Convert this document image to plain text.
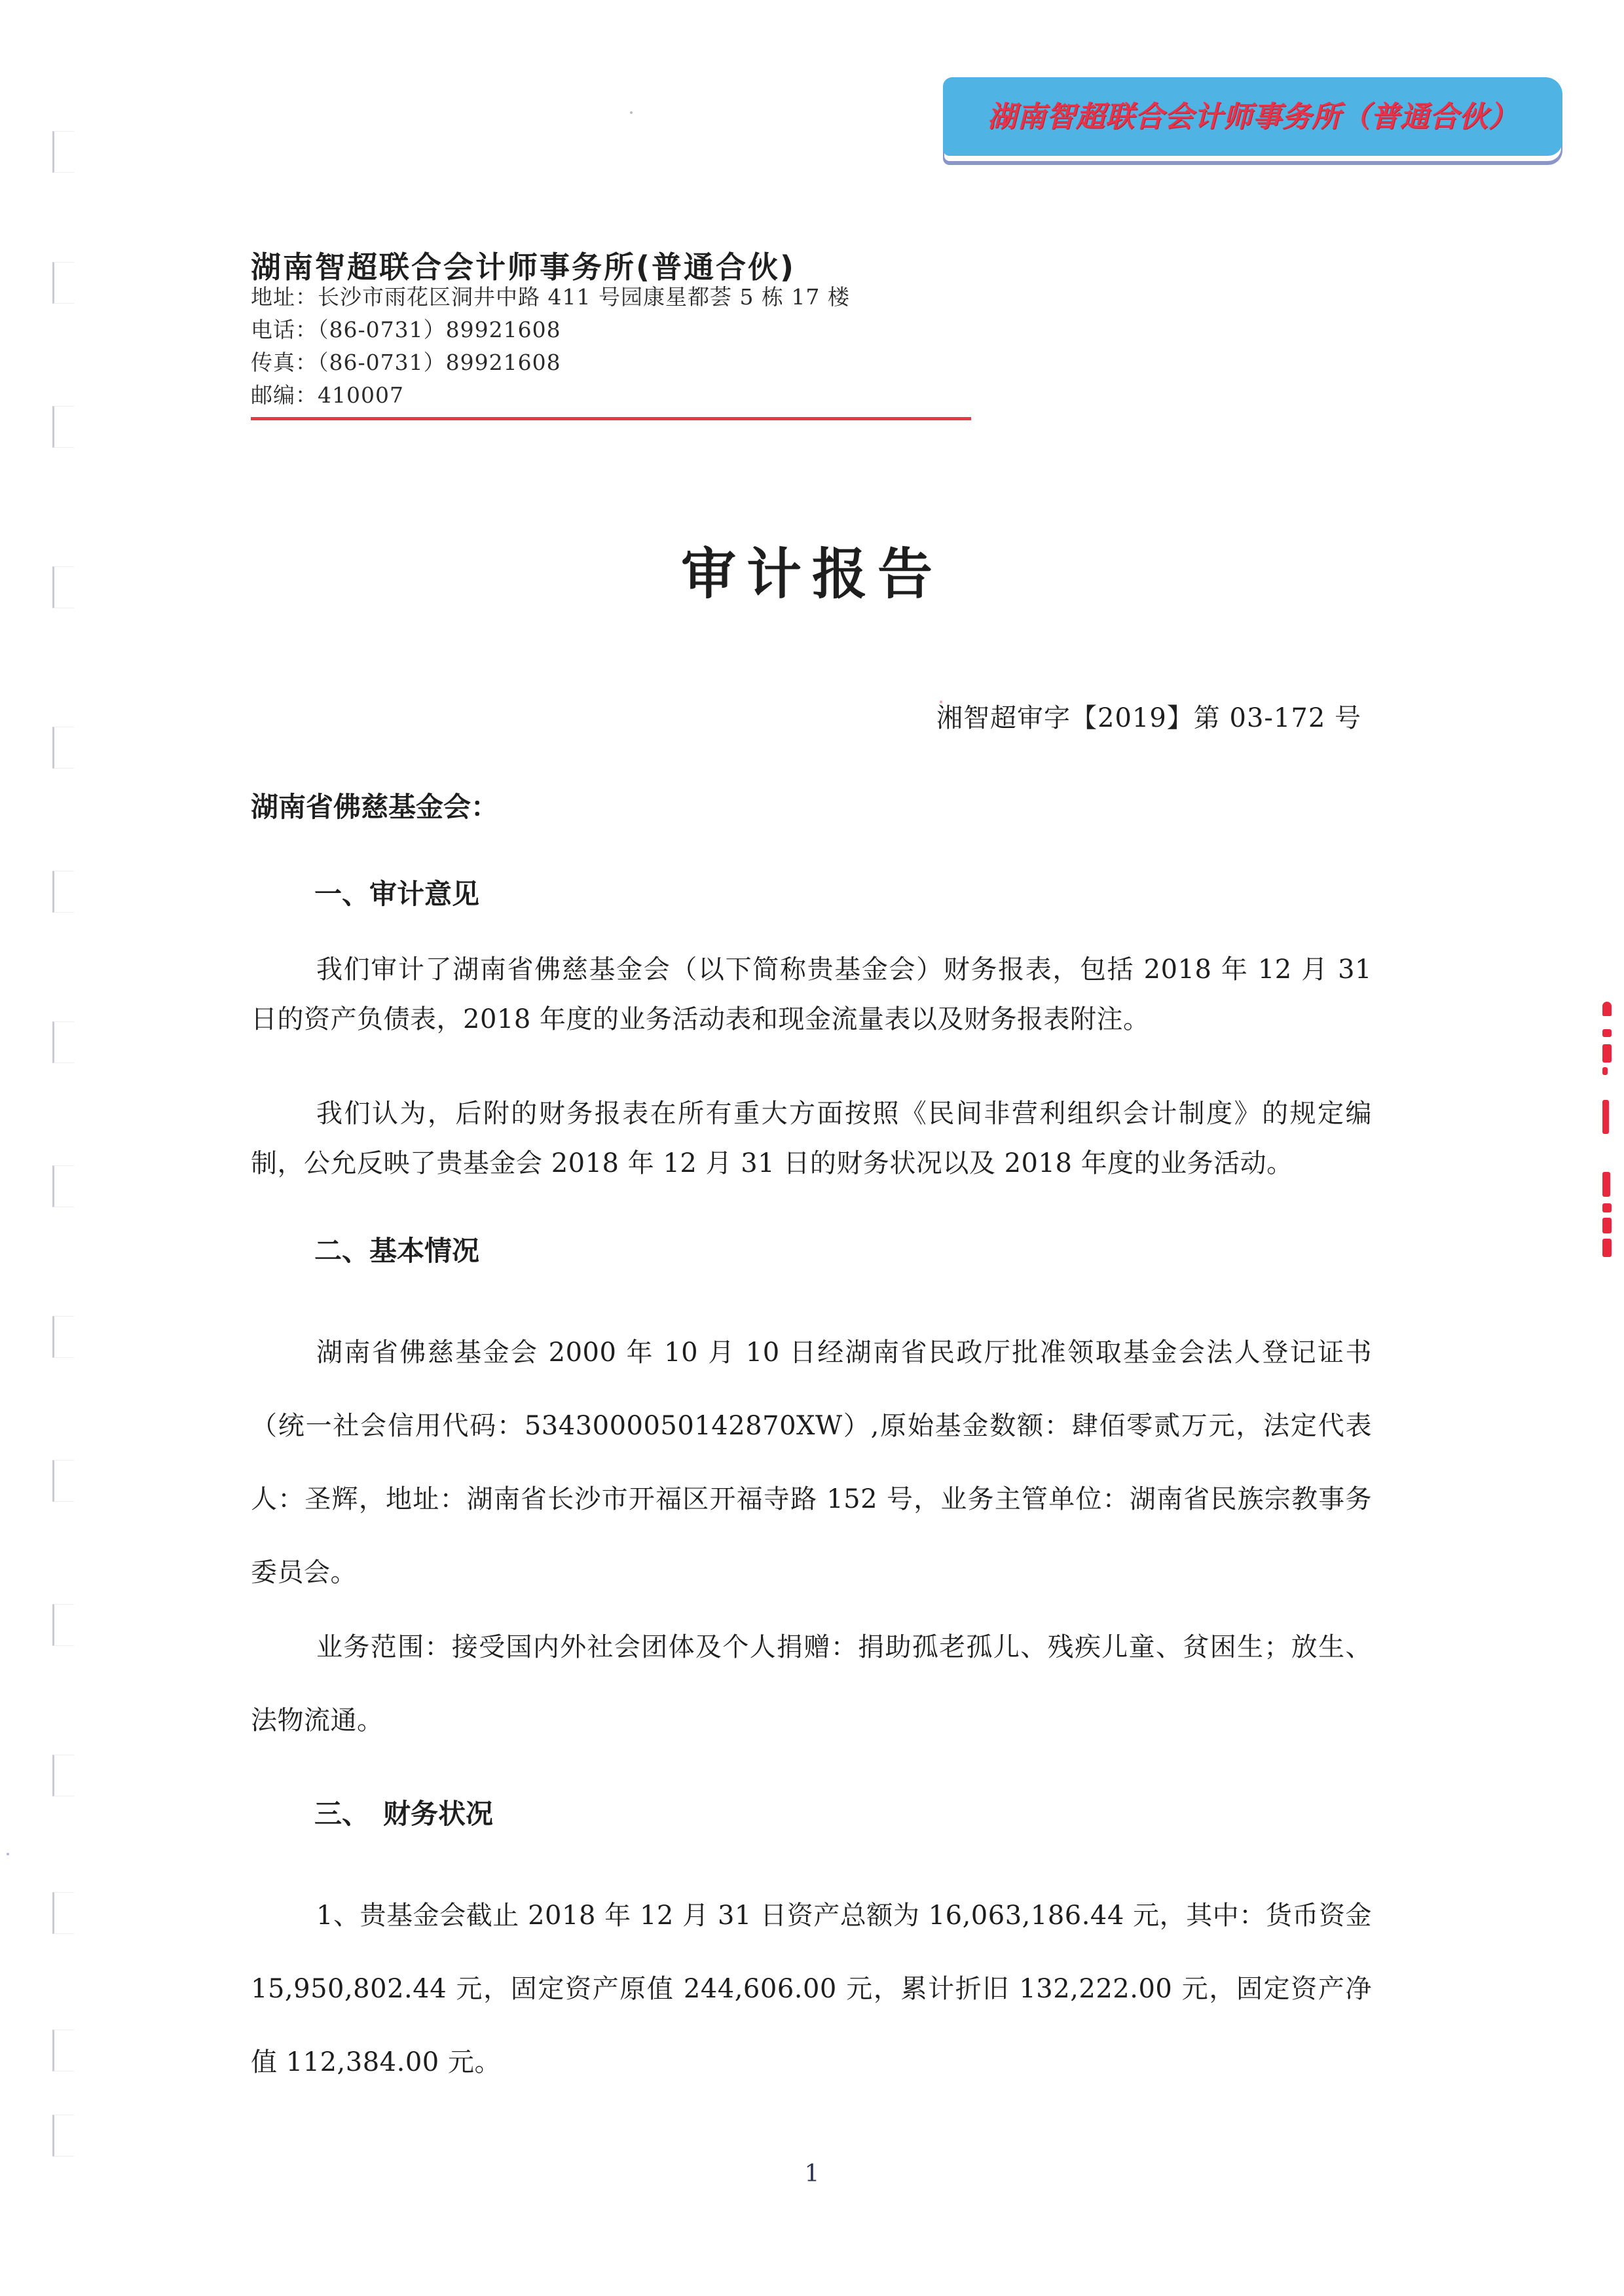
湖南智超联合会计师事务所（普通合伙）
湖南智超联合会计师事务所(普通合伙)
地址：长沙市雨花区洞井中路 411 号园康星都荟 5 栋 17 楼
电话：（86-0731）89921608
传真：（86-0731）89921608
邮编：410007
审计报告
湘智超审字【2019】第 03-172 号
湖南省佛慈基金会：
一、审计意见
我们审计了湖南省佛慈基金会（以下简称贵基金会）财务报表，包括 2018 年 12 月 31 日的资产负债表，2018 年度的业务活动表和现金流量表以及财务报表附注。
我们认为，后附的财务报表在所有重大方面按照《民间非营利组织会计制度》的规定编制，公允反映了贵基金会 2018 年 12 月 31 日的财务状况以及 2018 年度的业务活动。
二、基本情况
湖南省佛慈基金会 2000 年 10 月 10 日经湖南省民政厅批准领取基金会法人登记证书（统一社会信用代码：5343000050142870XW）,原始基金数额：肆佰零贰万元，法定代表人：圣辉，地址：湖南省长沙市开福区开福寺路 152 号，业务主管单位：湖南省民族宗教事务委员会。
业务范围：接受国内外社会团体及个人捐赠：捐助孤老孤儿、残疾儿童、贫困生；放生、法物流通。
三、　财务状况
1、贵基金会截止 2018 年 12 月 31 日资产总额为 16,063,186.44 元，其中：货币资金 15,950,802.44 元，固定资产原值 244,606.00 元，累计折旧 132,222.00 元，固定资产净值 112,384.00 元。
1
